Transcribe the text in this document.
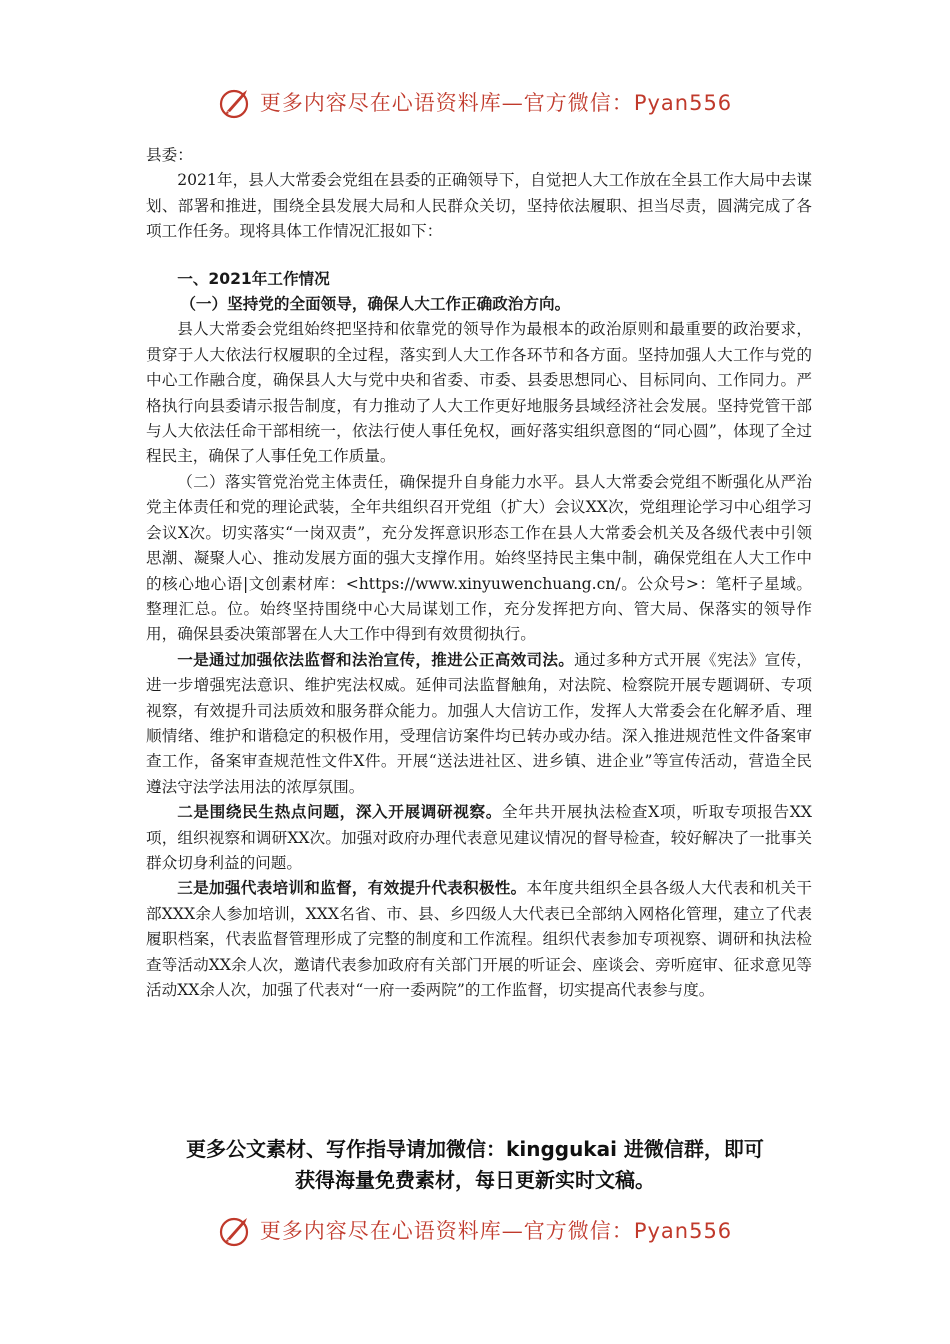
更多内容尽在心语资料库—官方微信：Pyan556

县委：

2021年，县人大常委会党组在县委的正确领导下，自觉把人大工作放在全县工作大局中去谋划、部署和推进，围绕全县发展大局和人民群众关切，坚持依法履职、担当尽责，圆满完成了各项工作任务。现将具体工作情况汇报如下：

一、2021年工作情况

（一）坚持党的全面领导，确保人大工作正确政治方向。

县人大常委会党组始终把坚持和依靠党的领导作为最根本的政治原则和最重要的政治要求，贯穿于人大依法行权履职的全过程，落实到人大工作各环节和各方面。坚持加强人大工作与党的中心工作融合度，确保县人大与党中央和省委、市委、县委思想同心、目标同向、工作同力。严格执行向县委请示报告制度，有力推动了人大工作更好地服务县域经济社会发展。坚持党管干部与人大依法任命干部相统一，依法行使人事任免权，画好落实组织意图的“同心圆”，体现了全过程民主，确保了人事任免工作质量。

（二）落实管党治党主体责任，确保提升自身能力水平。县人大常委会党组不断强化从严治党主体责任和党的理论武装，全年共组织召开党组（扩大）会议XX次，党组理论学习中心组学习会议X次。切实落实“一岗双责”，充分发挥意识形态工作在县人大常委会机关及各级代表中引领思潮、凝聚人心、推动发展方面的强大支撑作用。始终坚持民主集中制，确保党组在人大工作中的核心地心语|文创素材库：<https://www.xinyuwenchuang.cn/。公众号>：笔杆子星域。整理汇总。位。始终坚持围绕中心大局谋划工作，充分发挥把方向、管大局、保落实的领导作用，确保县委决策部署在人大工作中得到有效贯彻执行。

一是通过加强依法监督和法治宣传，推进公正高效司法。通过多种方式开展《宪法》宣传，进一步增强宪法意识、维护宪法权威。延伸司法监督触角，对法院、检察院开展专题调研、专项视察，有效提升司法质效和服务群众能力。加强人大信访工作，发挥人大常委会在化解矛盾、理顺情绪、维护和谐稳定的积极作用，受理信访案件均已转办或办结。深入推进规范性文件备案审查工作，备案审查规范性文件X件。开展“送法进社区、进乡镇、进企业”等宣传活动，营造全民遵法守法学法用法的浓厚氛围。

二是围绕民生热点问题，深入开展调研视察。全年共开展执法检查X项，听取专项报告XX项，组织视察和调研XX次。加强对政府办理代表意见建议情况的督导检查，较好解决了一批事关群众切身利益的问题。

三是加强代表培训和监督，有效提升代表积极性。本年度共组织全县各级人大代表和机关干部XXX余人参加培训，XXX名省、市、县、乡四级人大代表已全部纳入网格化管理，建立了代表履职档案，代表监督管理形成了完整的制度和工作流程。组织代表参加专项视察、调研和执法检查等活动XX余人次，邀请代表参加政府有关部门开展的听证会、座谈会、旁听庭审、征求意见等活动XX余人次，加强了代表对“一府一委两院”的工作监督，切实提高代表参与度。

更多公文素材、写作指导请加微信：kinggukai 进微信群，即可
获得海量免费素材，每日更新实时文稿。
更多内容尽在心语资料库—官方微信：Pyan556
